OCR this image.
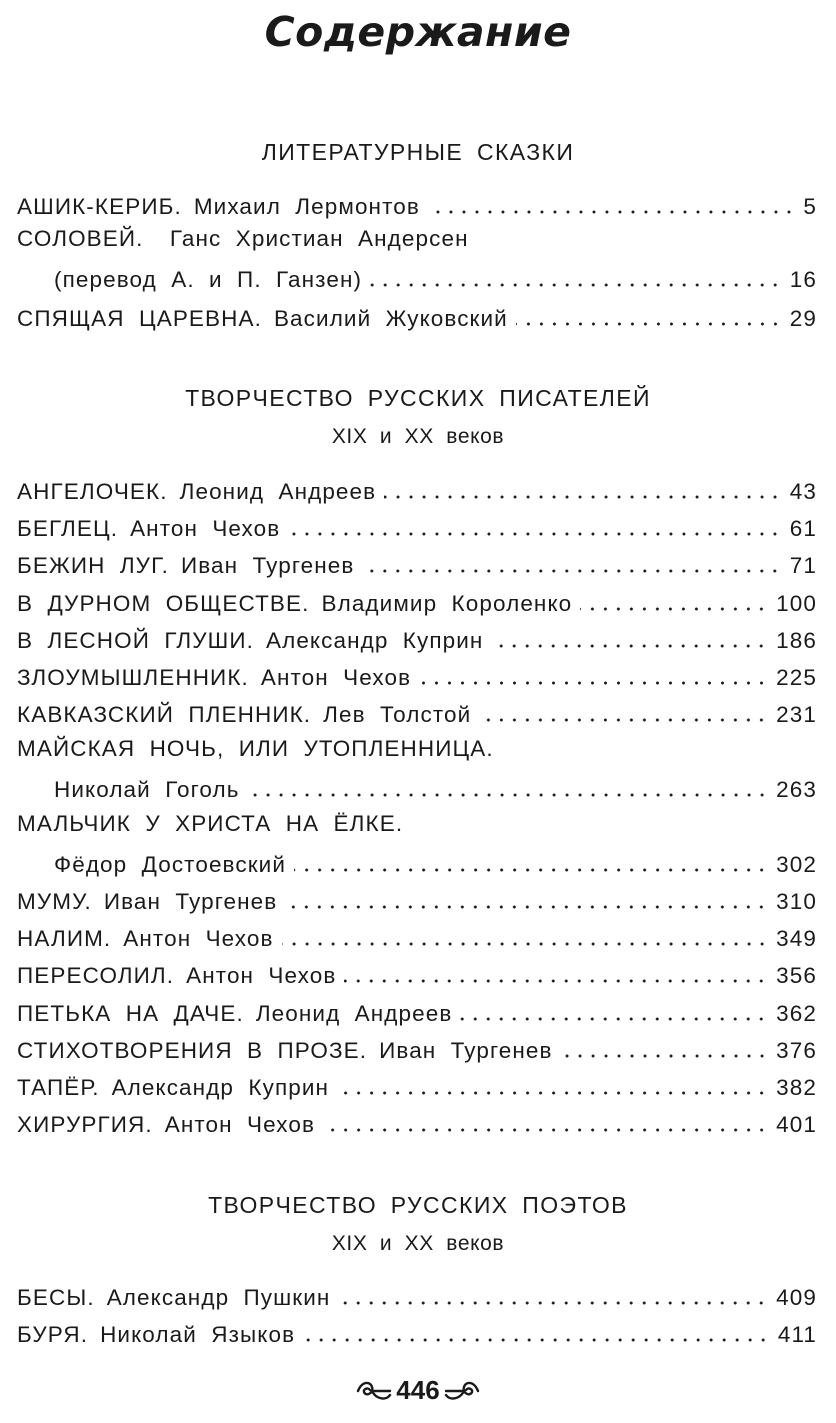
Содержание
ЛИТЕРАТУРНЫЕ СКАЗКИ
АШИК-КЕРИБ. Михаил Лермонтов	5
СОЛОВЕЙ. Ганс Христиан Андерсен
(перевод А. и П. Ганзен)	16
СПЯЩАЯ ЦАРЕВНА. Василий Жуковский	29
ТВОРЧЕСТВО РУССКИХ ПИСАТЕЛЕЙ
XIX и XX веков
АНГЕЛОЧЕК. Леонид Андреев	43
БЕГЛЕЦ. Антон Чехов	61
БЕЖИН ЛУГ. Иван Тургенев	71
В ДУРНОМ ОБЩЕСТВЕ. Владимир Короленко	100
В ЛЕСНОЙ ГЛУШИ. Александр Куприн	186
ЗЛОУМЫШЛЕННИК. Антон Чехов	225
КАВКАЗСКИЙ ПЛЕННИК. Лев Толстой	231
МАЙСКАЯ НОЧЬ, ИЛИ УТОПЛЕННИЦА.
Николай Гоголь	263
МАЛЬЧИК У ХРИСТА НА ЁЛКЕ.
Фёдор Достоевский	302
МУМУ. Иван Тургенев	310
НАЛИМ. Антон Чехов	349
ПЕРЕСОЛИЛ. Антон Чехов	356
ПЕТЬКА НА ДАЧЕ. Леонид Андреев	362
СТИХОТВОРЕНИЯ В ПРОЗЕ. Иван Тургенев	376
ТАПЁР. Александр Куприн	382
ХИРУРГИЯ. Антон Чехов	401
ТВОРЧЕСТВО РУССКИХ ПОЭТОВ
XIX и XX веков
БЕСЫ. Александр Пушкин	409
БУРЯ. Николай Языков	411
446
